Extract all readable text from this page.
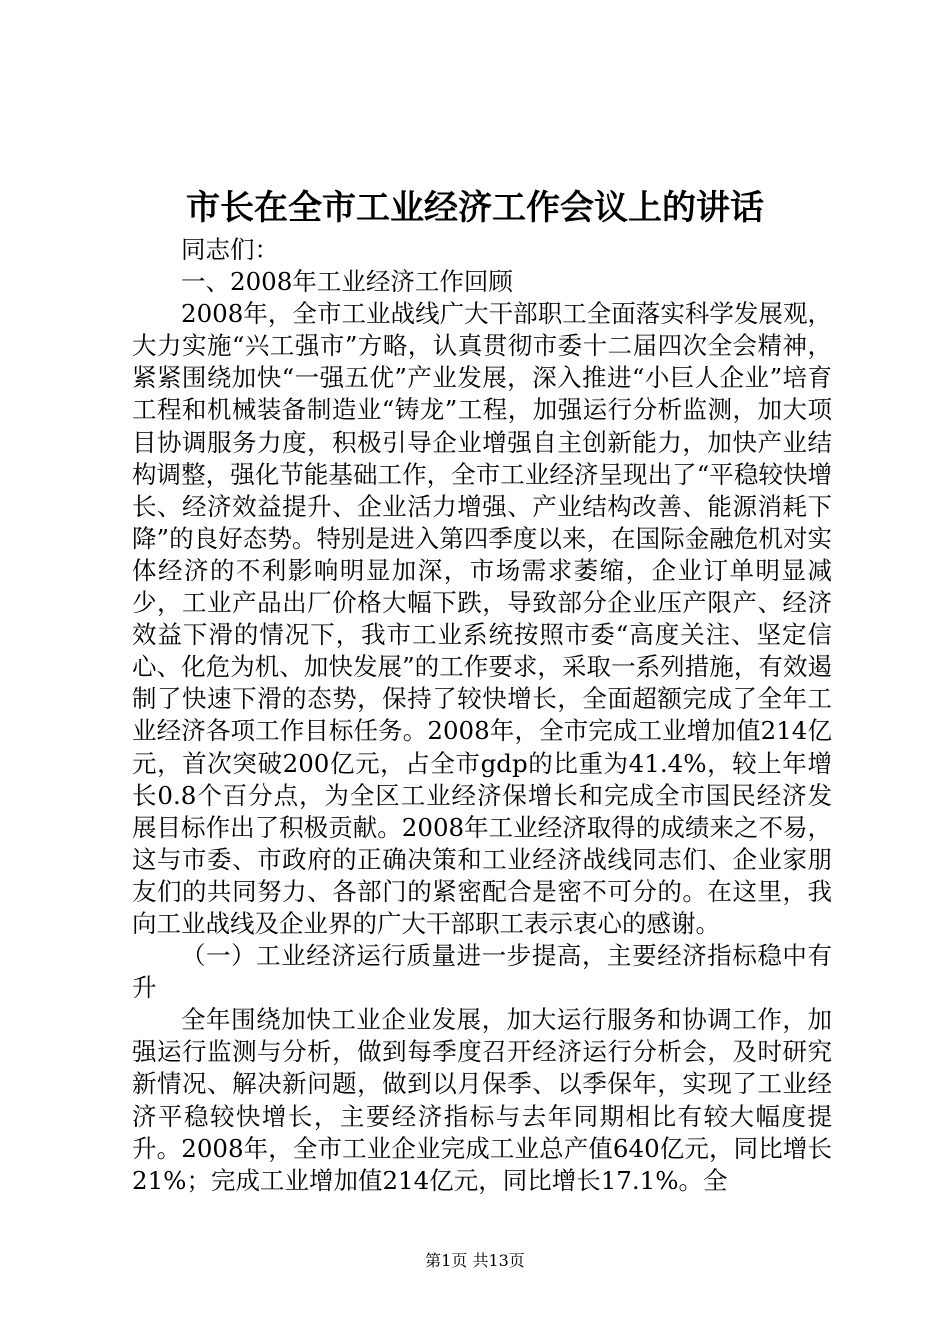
市长在全市工业经济工作会议上的讲话

同志们：

一、2008年工业经济工作回顾

2008年，全市工业战线广大干部职工全面落实科学发展观，大力实施“兴工强市”方略，认真贯彻市委十二届四次全会精神，紧紧围绕加快“一强五优”产业发展，深入推进“小巨人企业”培育工程和机械装备制造业“铸龙”工程，加强运行分析监测，加大项目协调服务力度，积极引导企业增强自主创新能力，加快产业结构调整，强化节能基础工作，全市工业经济呈现出了“平稳较快增长、经济效益提升、企业活力增强、产业结构改善、能源消耗下降”的良好态势。特别是进入第四季度以来，在国际金融危机对实体经济的不利影响明显加深，市场需求萎缩，企业订单明显减少，工业产品出厂价格大幅下跌，导致部分企业压产限产、经济效益下滑的情况下，我市工业系统按照市委“高度关注、坚定信心、化危为机、加快发展”的工作要求，采取一系列措施，有效遏制了快速下滑的态势，保持了较快增长，全面超额完成了全年工业经济各项工作目标任务。2008年，全市完成工业增加值214亿元，首次突破200亿元，占全市gdp的比重为41.4%，较上年增长0.8个百分点，为全区工业经济保增长和完成全市国民经济发展目标作出了积极贡献。2008年工业经济取得的成绩来之不易，这与市委、市政府的正确决策和工业经济战线同志们、企业家朋友们的共同努力、各部门的紧密配合是密不可分的。在这里，我向工业战线及企业界的广大干部职工表示衷心的感谢。

（一）工业经济运行质量进一步提高，主要经济指标稳中有升

全年围绕加快工业企业发展，加大运行服务和协调工作，加强运行监测与分析，做到每季度召开经济运行分析会，及时研究新情况、解决新问题，做到以月保季、以季保年，实现了工业经济平稳较快增长，主要经济指标与去年同期相比有较大幅度提升。2008年，全市工业企业完成工业总产值640亿元，同比增长21%；完成工业增加值214亿元，同比增长17.1%。全

第1页 共13页
